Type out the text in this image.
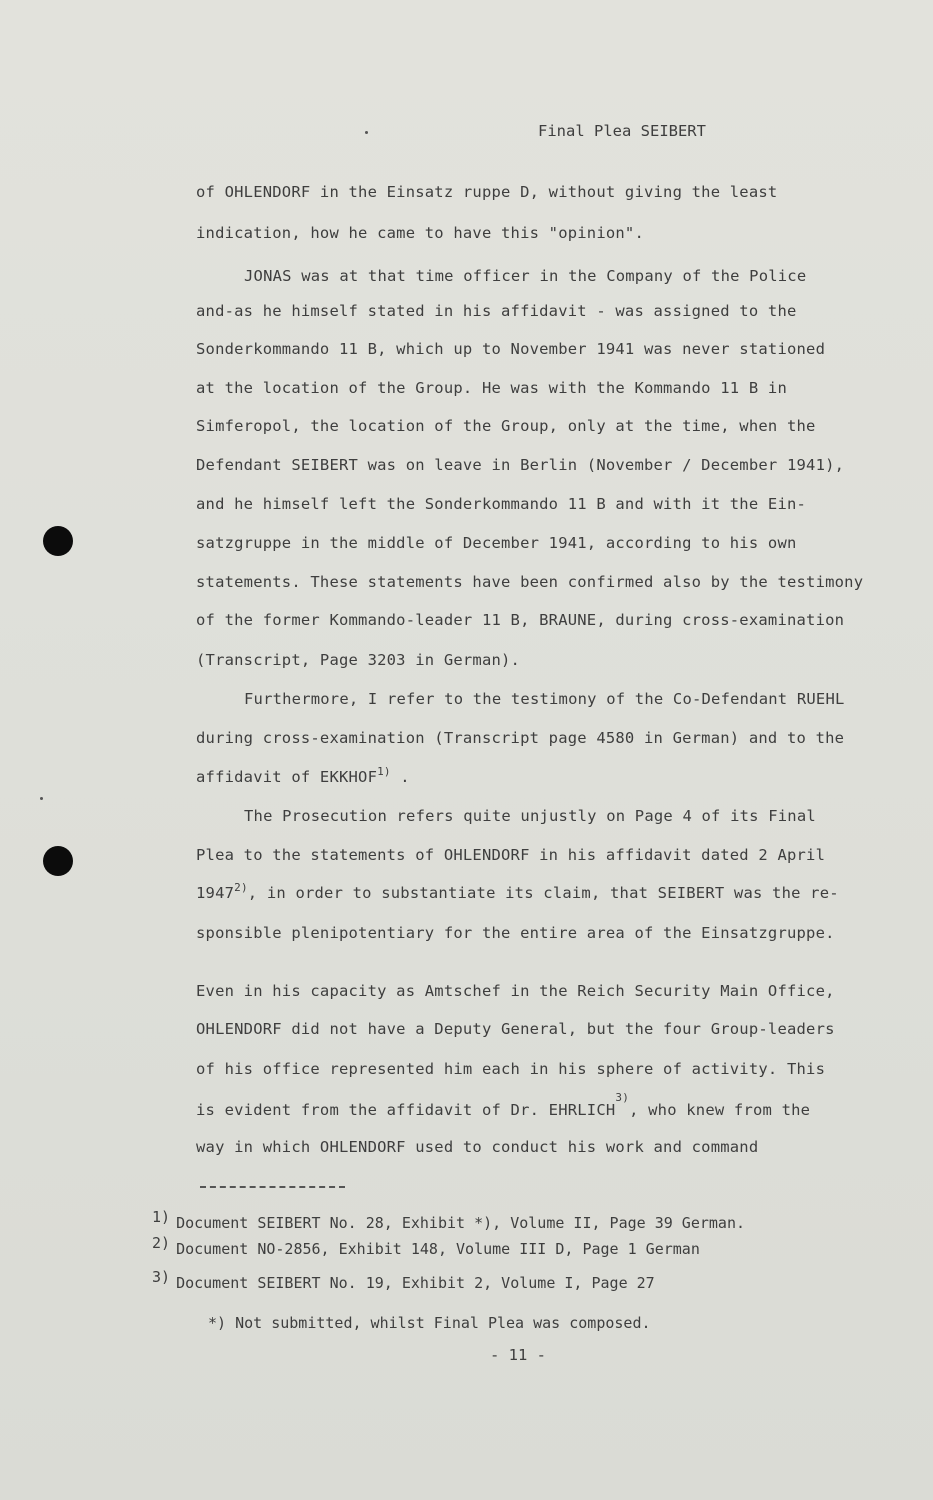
Final Plea SEIBERT
of OHLENDORF in the Einsatz ruppe D, without giving the least
indication, how he came to have this "opinion".
JONAS was at that time officer in the Company of the Police
and-as he himself stated in his affidavit - was assigned to the
Sonderkommando 11 B, which up to November 1941 was never stationed
at the location of the Group. He was with the Kommando 11 B in
Simferopol, the location of the Group, only at the time, when the
Defendant SEIBERT was on leave in Berlin (November / December 1941),
and he himself left the Sonderkommando 11 B and with it the Ein-
satzgruppe in the middle of December 1941, according to his own
statements. These statements have been confirmed also by the testimony
of the former Kommando-leader 11 B, BRAUNE, during cross-examination
(Transcript, Page 3203 in German).
Furthermore, I refer to the testimony of the Co-Defendant RUEHL
during cross-examination (Transcript page 4580 in German) and to the
affidavit of EKKHOF$^{1)}$ .
The Prosecution refers quite unjustly on Page 4 of its Final
Plea to the statements of OHLENDORF in his affidavit dated 2 April
1947$^{2)}$, in order to substantiate its claim, that SEIBERT was the re-
sponsible plenipotentiary for the entire area of the Einsatzgruppe.
Even in his capacity as Amtschef in the Reich Security Main Office,
OHLENDORF did not have a Deputy General, but the four Group-leaders
of his office represented him each in his sphere of activity. This
is evident from the affidavit of Dr. EHRLICH$^{3)}$, who knew from the
way in which OHLENDORF used to conduct his work and command
1) Document SEIBERT No. 28, Exhibit *), Volume II, Page 39 German.
2) Document NO-2856, Exhibit 148, Volume III D, Page 1 German
3) Document SEIBERT No. 19, Exhibit 2, Volume I, Page 27
*) Not submitted, whilst Final Plea was composed.
- 11 -
